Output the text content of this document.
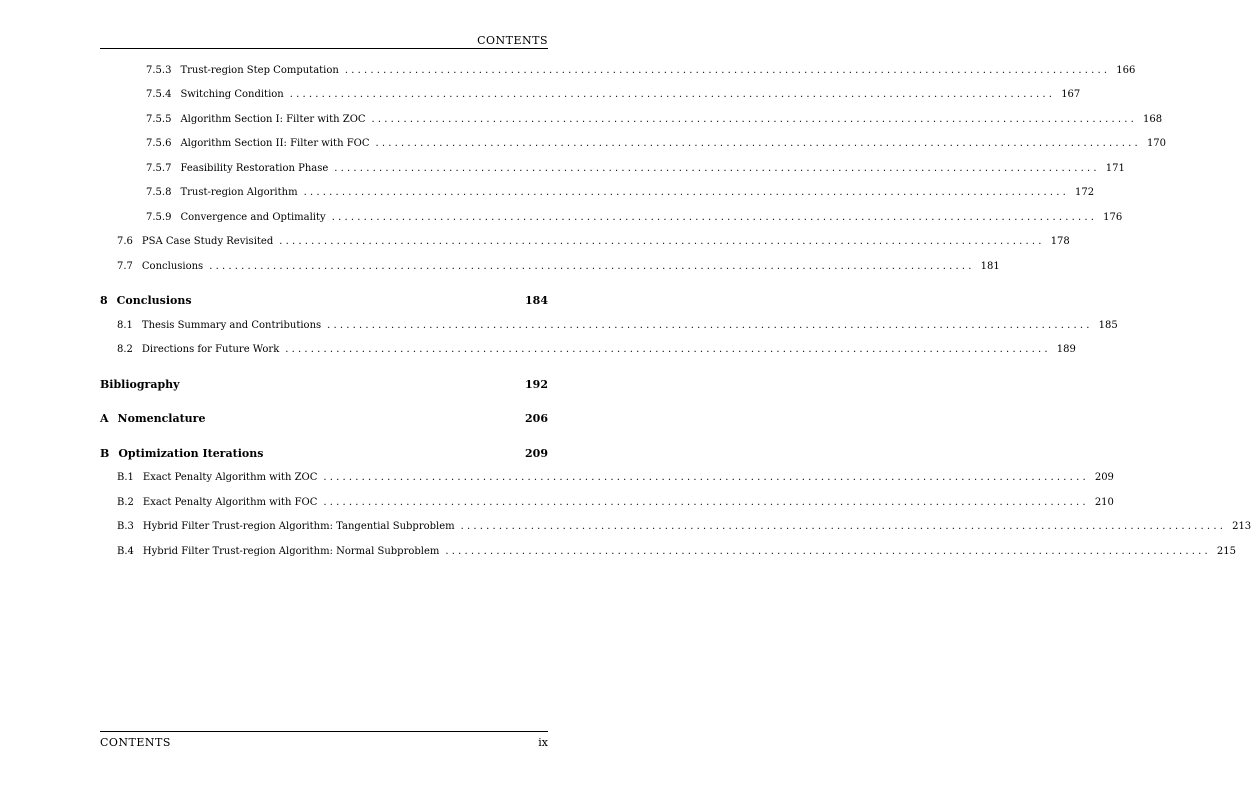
CONTENTS
7.5.3 Trust-region Step Computation ........................................................................................................................ 166
7.5.4 Switching Condition ........................................................................................................................ 167
7.5.5 Algorithm Section I: Filter with ZOC ........................................................................................................................ 168
7.5.6 Algorithm Section II: Filter with FOC ........................................................................................................................ 170
7.5.7 Feasibility Restoration Phase ........................................................................................................................ 171
7.5.8 Trust-region Algorithm ........................................................................................................................ 172
7.5.9 Convergence and Optimality ........................................................................................................................ 176
7.6 PSA Case Study Revisited ........................................................................................................................ 178
7.7 Conclusions ........................................................................................................................ 181
8 Conclusions	184
8.1 Thesis Summary and Contributions ........................................................................................................................ 185
8.2 Directions for Future Work ........................................................................................................................ 189
Bibliography	192
A Nomenclature	206
B Optimization Iterations	209
B.1 Exact Penalty Algorithm with ZOC ........................................................................................................................ 209
B.2 Exact Penalty Algorithm with FOC ........................................................................................................................ 210
B.3 Hybrid Filter Trust-region Algorithm: Tangential Subproblem ........................................................................................................................ 213
B.4 Hybrid Filter Trust-region Algorithm: Normal Subproblem ........................................................................................................................ 215
CONTENTS	ix
